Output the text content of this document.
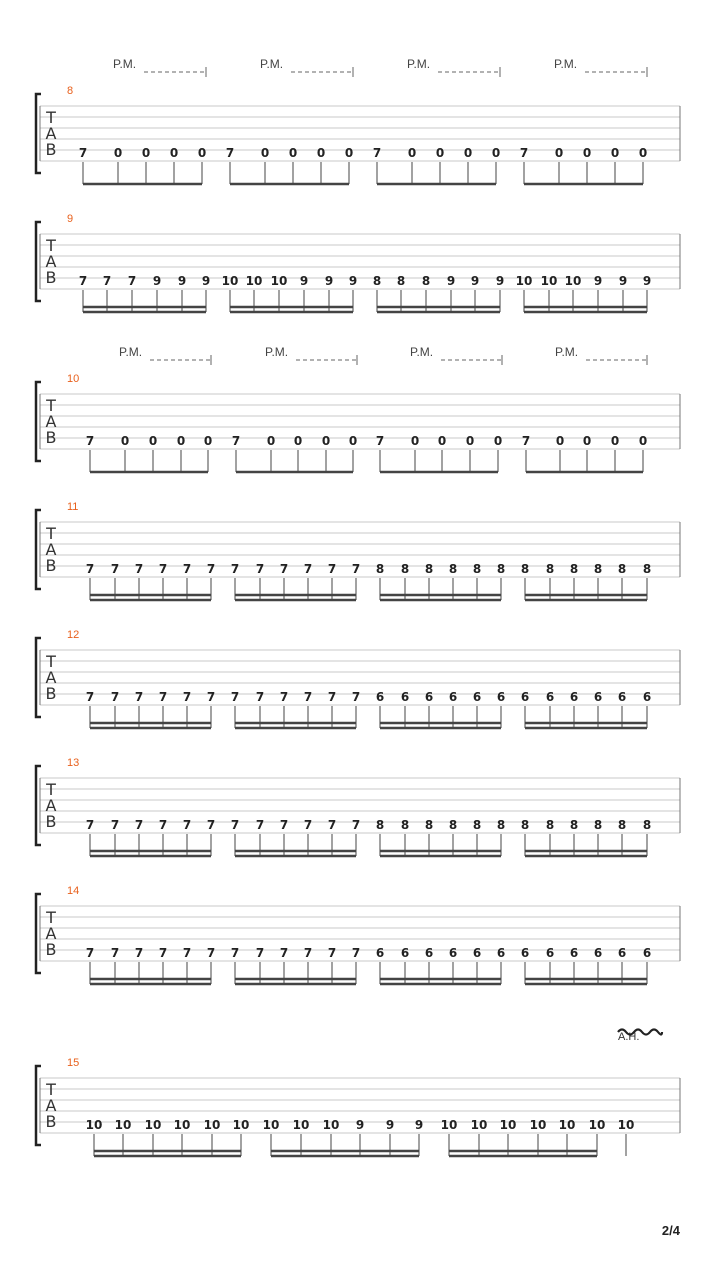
8
T
A
B
P.M.	P.M.	P.M.	P.M.
7 0 0 0 0 7 0 0 0 0 7 0 0 0 0 7 0 0 0 0
9
T
A
B 7 7 7 9 9 9 10 10 10 9 9 9 8 8 8 9 9 9 10 10 10 9 9 9
10
T
A
B
P.M.	P.M.	P.M.	P.M.
7 0 0 0 0 7 0 0 0 0 7 0 0 0 0 7 0 0 0 0
11
T
A
B 7 7 7 7 7 7 7 7 7 7 7 7 8 8 8 8 8 8 8 8 8 8 8 8
12
T
A
B 7 7 7 7 7 7 7 7 7 7 7 7 6 6 6 6 6 6 6 6 6 6 6 6
13
T
A
B 7 7 7 7 7 7 7 7 7 7 7 7 8 8 8 8 8 8 8 8 8 8 8 8
14
T
A
B 7 7 7 7 7 7 7 7 7 7 7 7 6 6 6 6 6 6 6 6 6 6 6 6
15
T
A
B
A.H.
10 10 10 10 10 10 10 10 10 9 9 9 10 10 10 10 10 10 10
2/4
